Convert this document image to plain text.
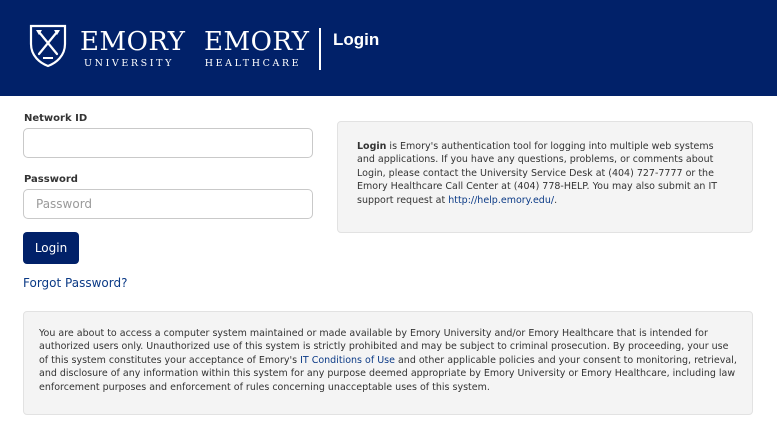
EMORY
UNIVERSITY
EMORY
HEALTHCARE
Login
Network ID
Password
Login
Forgot Password?
Login is Emory's authentication tool for logging into multiple web systems and applications. If you have any questions, problems, or comments about Login, please contact the University Service Desk at (404) 727-7777 or the Emory Healthcare Call Center at (404) 778-HELP. You may also submit an IT support request at http://help.emory.edu/.
You are about to access a computer system maintained or made available by Emory University and/or Emory Healthcare that is intended for authorized users only. Unauthorized use of this system is strictly prohibited and may be subject to criminal prosecution. By proceeding, your use of this system constitutes your acceptance of Emory's IT Conditions of Use and other applicable policies and your consent to monitoring, retrieval, and disclosure of any information within this system for any purpose deemed appropriate by Emory University or Emory Healthcare, including law enforcement purposes and enforcement of rules concerning unacceptable uses of this system.
